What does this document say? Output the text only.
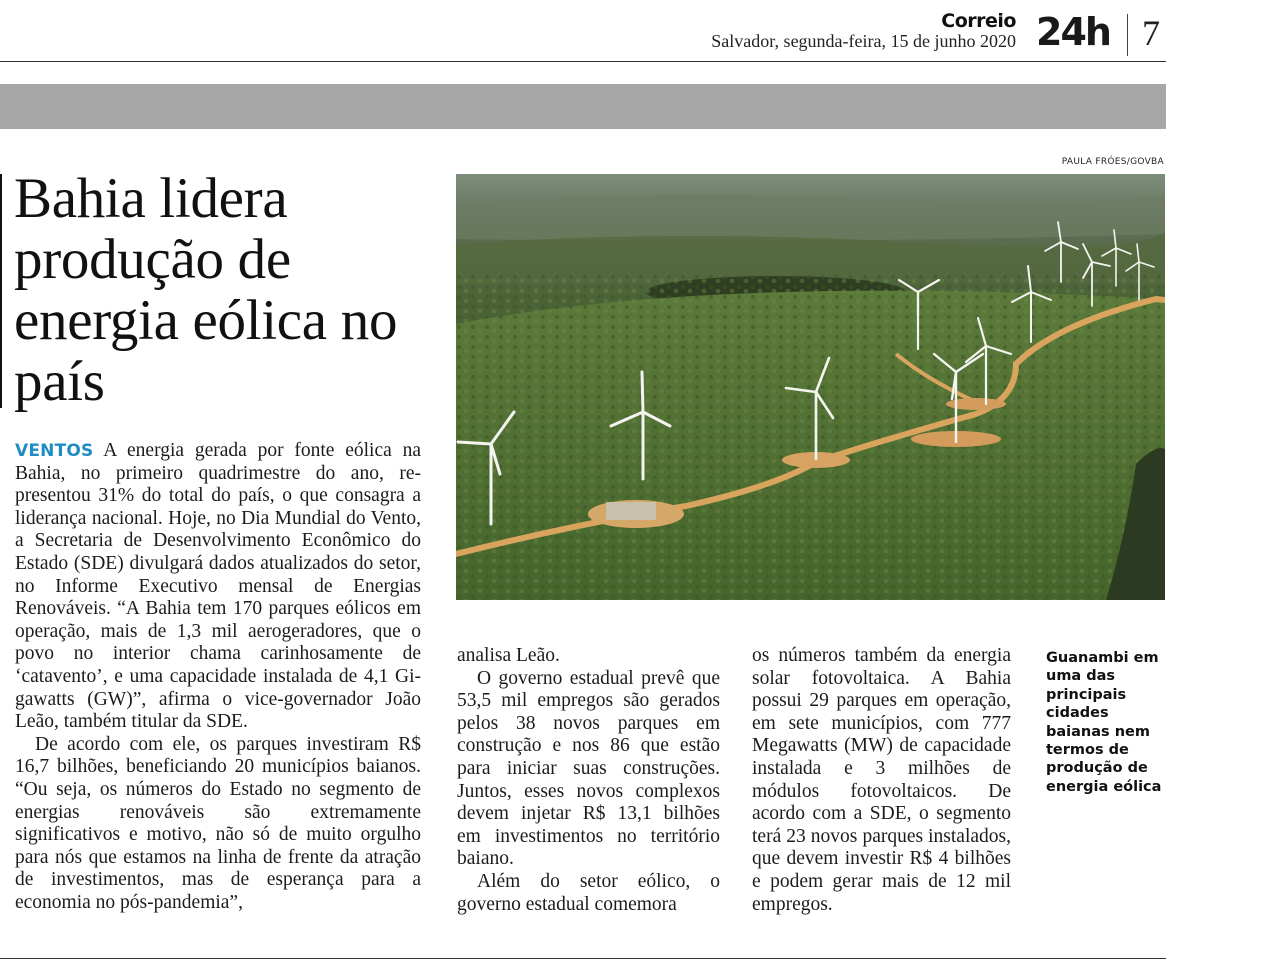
Correio
Salvador, segunda-feira, 15 de junho 2020 24h 7
Bahia lidera produção de energia eólica no país
PAULA FRÓES/GOVBA

VENTOS A energia gerada por fonte eólica na Bahia, no primeiro quadrimestre do ano, representou 31% do total do país, o que consagra a liderança nacional. Hoje, no Dia Mundial do Vento, a Secretaria de Desenvolvimento Econômico do Estado (SDE) divulgará dados atualizados do setor, no Informe Executivo mensal de Energias Renováveis. “A Bahia tem 170 parques eólicos em operação, mais de 1,3 mil aerogeradores, que o povo no interior chama carinhosamente de ‘catavento’, e uma capacidade instalada de 4,1 Gigawatts (GW)”, afirma o vice-governador João Leão, também titular da SDE.

De acordo com ele, os parques investiram R$ 16,7 bilhões, beneficiando 20 municípios baianos. “Ou seja, os números do Estado no segmento de energias renováveis são extremamente significativos e motivo, não só de muito orgulho para nós que estamos na linha de frente da atração de investimentos, mas de esperança para a economia no pós-pandemia”,

analisa Leão.

O governo estadual prevê que 53,5 mil empregos são gerados pelos 38 novos parques em construção e nos 86 que estão para iniciar suas construções. Juntos, esses novos complexos devem injetar R$ 13,1 bilhões em investimentos no território baiano.

Além do setor eólico, o governo estadual comemora

os números também da energia solar fotovoltaica. A Bahia possui 29 parques em operação, em sete municípios, com 777 Megawatts (MW) de capacidade instalada e 3 milhões de módulos fotovoltaicos. De acordo com a SDE, o segmento terá 23 novos parques instalados, que devem investir R$ 4 bilhões e podem gerar mais de 12 mil empregos.

Guanambi em uma das principais cidades baianas nem termos de produção de energia eólica
